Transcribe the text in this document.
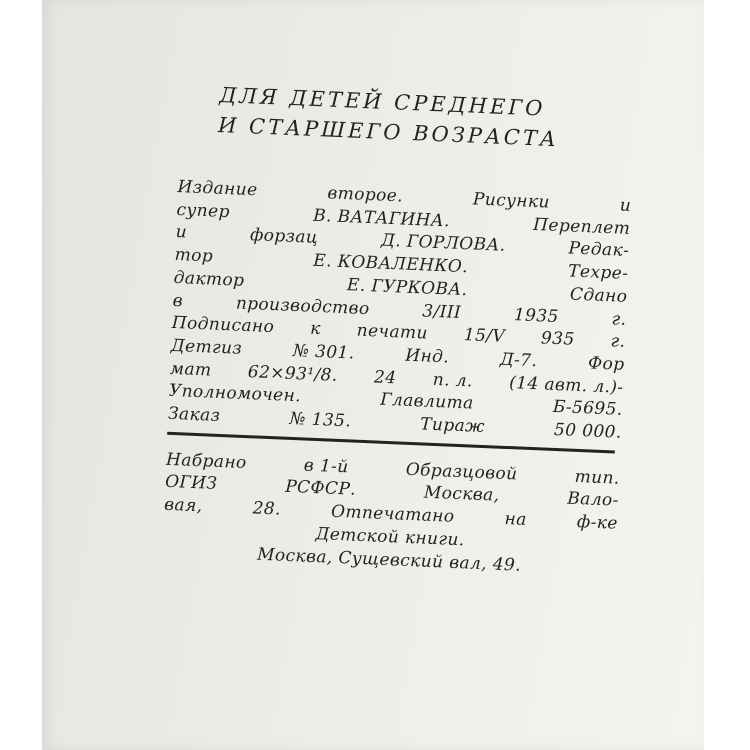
ДЛЯ ДЕТЕЙ СРЕДНЕГО
И СТАРШЕГО ВОЗРАСТА
Издание	второе.	Рисунки	и
супер	В. ВАТАГИНА.	Переплет
и	форзац	Д. ГОРЛОВА.	Редак-
тор	Е. КОВАЛЕНКО.	Техре-
дактор	Е. ГУРКОВА.	Сдано
в	производство	3/III	1935	г.
Подписано к печати 15/V 935 г.
Детгиз	№ 301.	Инд.	Д-7.	Фор
мат 62×93¹/8. 24 п. л. (14 авт. л.)-
Уполномочен.	Главлита	Б-5695.
Заказ	№ 135.	Тираж	50 000.
Набрано	в 1-й	Образцовой	тип.
ОГИЗ	РСФСР.	Москва,	Вало-
вая,	28.	Отпечатано	на	ф-ке
Детской книги.
Москва, Сущевский вал, 49.
